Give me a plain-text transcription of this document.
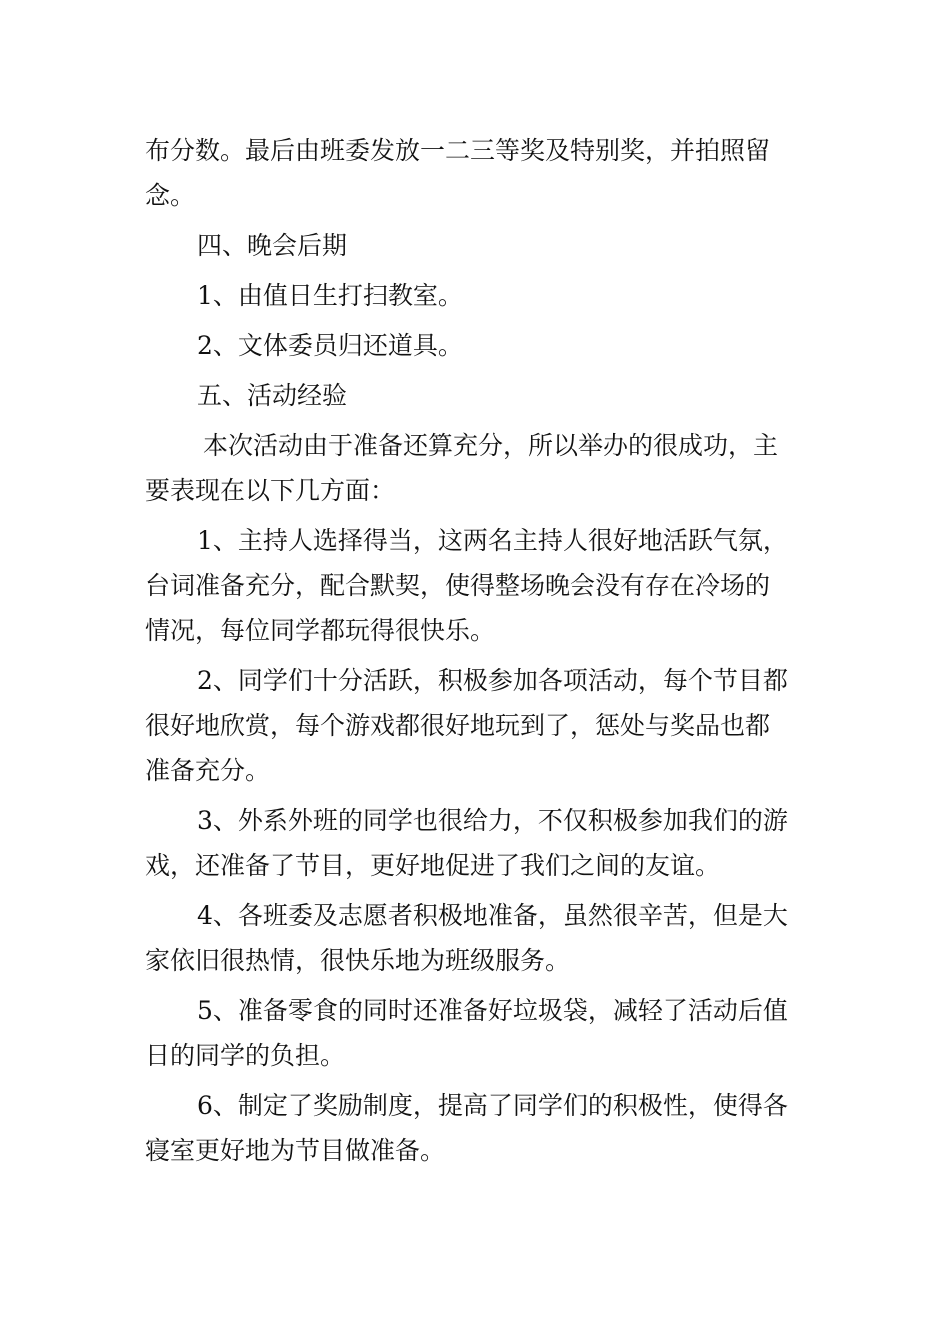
布分数。最后由班委发放一二三等奖及特别奖，并拍照留
念。
四、晚会后期
1、由值日生打扫教室。
2、文体委员归还道具。
五、活动经验
本次活动由于准备还算充分，所以举办的很成功，主
要表现在以下几方面：
1、主持人选择得当，这两名主持人很好地活跃气氛，
台词准备充分，配合默契，使得整场晚会没有存在冷场的
情况，每位同学都玩得很快乐。
2、同学们十分活跃，积极参加各项活动，每个节目都
很好地欣赏，每个游戏都很好地玩到了，惩处与奖品也都
准备充分。
3、外系外班的同学也很给力，不仅积极参加我们的游
戏，还准备了节目，更好地促进了我们之间的友谊。
4、各班委及志愿者积极地准备，虽然很辛苦，但是大
家依旧很热情，很快乐地为班级服务。
5、准备零食的同时还准备好垃圾袋，减轻了活动后值
日的同学的负担。
6、制定了奖励制度，提高了同学们的积极性，使得各
寝室更好地为节目做准备。
